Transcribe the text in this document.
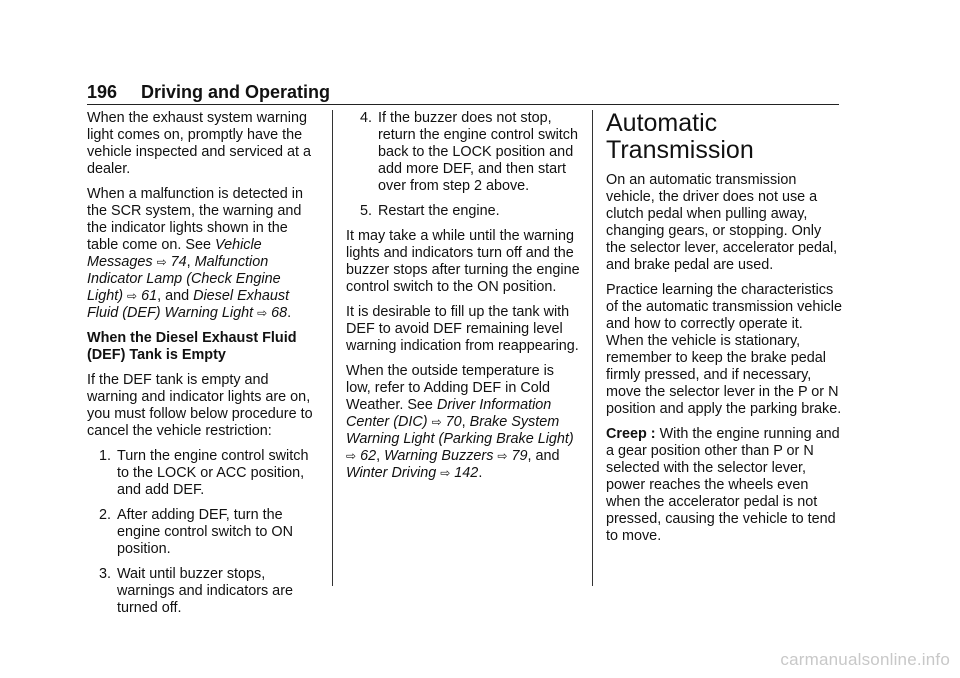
196 Driving and Operating

When the exhaust system warning light comes on, promptly have the vehicle inspected and serviced at a dealer.

When a malfunction is detected in the SCR system, the warning and the indicator lights shown in the table come on. See Vehicle Messages ⇨ 74, Malfunction Indicator Lamp (Check Engine Light) ⇨ 61, and Diesel Exhaust Fluid (DEF) Warning Light ⇨ 68.

When the Diesel Exhaust Fluid (DEF) Tank is Empty

If the DEF tank is empty and warning and indicator lights are on, you must follow below procedure to cancel the vehicle restriction:

1. Turn the engine control switch to the LOCK or ACC position, and add DEF.
2. After adding DEF, turn the engine control switch to ON position.
3. Wait until buzzer stops, warnings and indicators are turned off.
4. If the buzzer does not stop, return the engine control switch back to the LOCK position and add more DEF, and then start over from step 2 above.
5. Restart the engine.

It may take a while until the warning lights and indicators turn off and the buzzer stops after turning the engine control switch to the ON position.

It is desirable to fill up the tank with DEF to avoid DEF remaining level warning indication from reappearing.

When the outside temperature is low, refer to Adding DEF in Cold Weather. See Driver Information Center (DIC) ⇨ 70, Brake System Warning Light (Parking Brake Light) ⇨ 62, Warning Buzzers ⇨ 79, and Winter Driving ⇨ 142.

Automatic Transmission

On an automatic transmission vehicle, the driver does not use a clutch pedal when pulling away, changing gears, or stopping. Only the selector lever, accelerator pedal, and brake pedal are used.

Practice learning the characteristics of the automatic transmission vehicle and how to correctly operate it. When the vehicle is stationary, remember to keep the brake pedal firmly pressed, and if necessary, move the selector lever in the P or N position and apply the parking brake.

Creep : With the engine running and a gear position other than P or N selected with the selector lever, power reaches the wheels even when the accelerator pedal is not pressed, causing the vehicle to tend to move.

carmanualsonline.info
